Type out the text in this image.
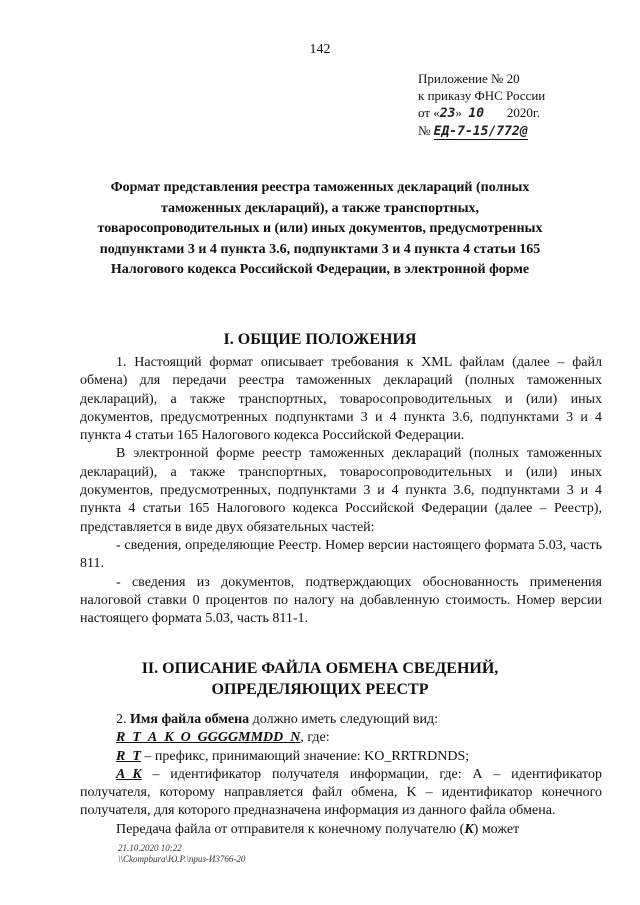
142
Приложение № 20
к приказу ФНС России
от «23» 10 2020г.
№ ЕД-7-15/772@
Формат представления реестра таможенных деклараций (полных таможенных деклараций), а также транспортных, товаросопроводительных и (или) иных документов, предусмотренных подпунктами 3 и 4 пункта 3.6, подпунктами 3 и 4 пункта 4 статьи 165 Налогового кодекса Российской Федерации, в электронной форме
I. ОБЩИЕ ПОЛОЖЕНИЯ

1. Настоящий формат описывает требования к XML файлам (далее – файл обмена) для передачи реестра таможенных деклараций (полных таможенных деклараций), а также транспортных, товаросопроводительных и (или) иных документов, предусмотренных подпунктами 3 и 4 пункта 3.6, подпунктами 3 и 4 пункта 4 статьи 165 Налогового кодекса Российской Федерации.

В электронной форме реестр таможенных деклараций (полных таможенных деклараций), а также транспортных, товаросопроводительных и (или) иных документов, предусмотренных, подпунктами 3 и 4 пункта 3.6, подпунктами 3 и 4 пункта 4 статьи 165 Налогового кодекса Российской Федерации (далее – Реестр), представляется в виде двух обязательных частей:

- сведения, определяющие Реестр. Номер версии настоящего формата 5.03, часть 811.

- сведения из документов, подтверждающих обоснованность применения налоговой ставки 0 процентов по налогу на добавленную стоимость. Номер версии настоящего формата 5.03, часть 811-1.

II. ОПИСАНИЕ ФАЙЛА ОБМЕНА СВЕДЕНИЙ,
ОПРЕДЕЛЯЮЩИХ РЕЕСТР

2. Имя файла обмена должно иметь следующий вид:

R_T_A_K_O_GGGGMMDD_N, где:

R_T – префикс, принимающий значение: KO_RRTRDNDS;

A_K – идентификатор получателя информации, где: А – идентификатор получателя, которому направляется файл обмена, K – идентификатор конечного получателя, для которого предназначена информация из данного файла обмена.

Передача файла от отправителя к конечному получателю (K) может

21.10.2020 10:22
\\Ckompbura\Ю.Р.\приз-И3766-20
